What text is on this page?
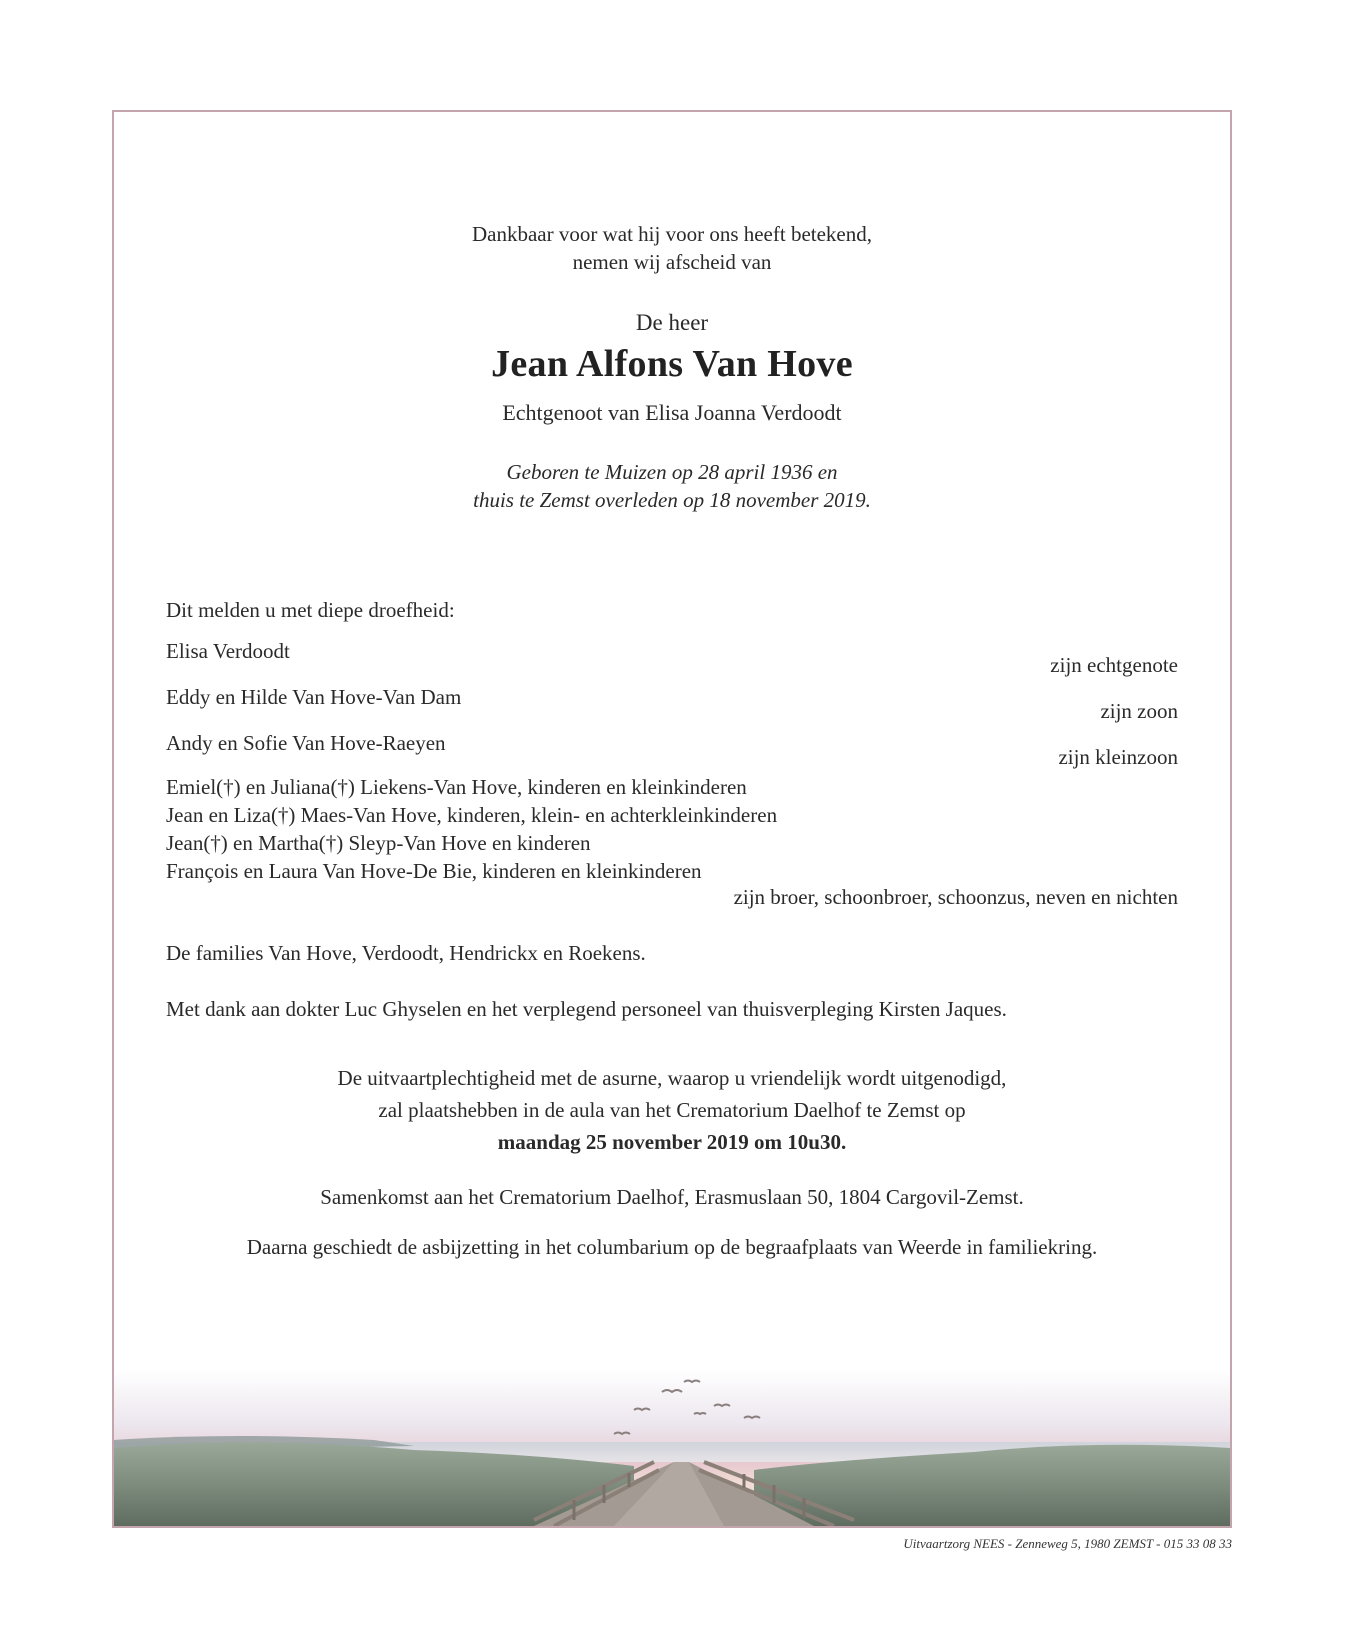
Dankbaar voor wat hij voor ons heeft betekend,
nemen wij afscheid van
De heer
Jean Alfons Van Hove
Echtgenoot van Elisa Joanna Verdoodt
Geboren te Muizen op 28 april 1936 en
thuis te Zemst overleden op 18 november 2019.
Dit melden u met diepe droefheid:
Elisa Verdoodt
zijn echtgenote
Eddy en Hilde Van Hove-Van Dam
zijn zoon
Andy en Sofie Van Hove-Raeyen
zijn kleinzoon
Emiel(†) en Juliana(†) Liekens-Van Hove, kinderen en kleinkinderen
Jean en Liza(†) Maes-Van Hove, kinderen, klein- en achterkleinkinderen
Jean(†) en Martha(†) Sleyp-Van Hove en kinderen
François en Laura Van Hove-De Bie, kinderen en kleinkinderen
zijn broer, schoonbroer, schoonzus, neven en nichten
De families Van Hove, Verdoodt, Hendrickx en Roekens.
Met dank aan dokter Luc Ghyselen en het verplegend personeel van thuisverpleging Kirsten Jaques.
De uitvaartplechtigheid met de asurne, waarop u vriendelijk wordt uitgenodigd,
zal plaatshebben in de aula van het Crematorium Daelhof te Zemst op
maandag 25 november 2019 om 10u30.
Samenkomst aan het Crematorium Daelhof, Erasmuslaan 50, 1804 Cargovil-Zemst.
Daarna geschiedt de asbijzetting in het columbarium op de begraafplaats van Weerde in familiekring.
Uitvaartzorg NEES - Zenneweg 5, 1980 ZEMST - 015 33 08 33
